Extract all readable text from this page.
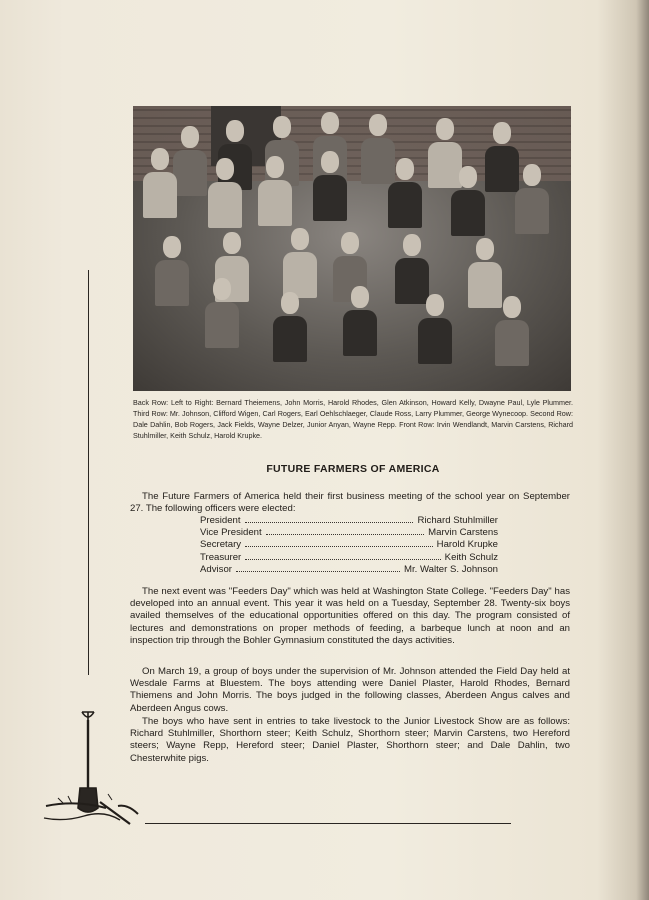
Back Row: Left to Right: Bernard Theiemens, John Morris, Harold Rhodes, Glen Atkinson, Howard Kelly, Dwayne Paul, Lyle Plummer. Third Row: Mr. Johnson, Clifford Wigen, Carl Rogers, Earl Oehlschlaeger, Claude Ross, Larry Plummer, George Wynecoop. Second Row: Dale Dahlin, Bob Rogers, Jack Fields, Wayne Delzer, Junior Anyan, Wayne Repp. Front Row: Irvin Wendlandt, Marvin Carstens, Richard Stuhlmiller, Keith Schulz, Harold Krupke.
FUTURE FARMERS OF AMERICA

The Future Farmers of America held their first business meeting of the school year on September 27. The following officers were elected:

President	Richard Stuhlmiller
Vice President	Marvin Carstens
Secretary	Harold Krupke
Treasurer	Keith Schulz
Advisor	Mr. Walter S. Johnson

The next event was "Feeders Day" which was held at Washington State College. "Feeders Day" has developed into an annual event. This year it was held on a Tuesday, September 28. Twenty-six boys availed themselves of the educational opportunities offered on this day. The program consisted of lectures and demonstrations on proper methods of feeding, a barbeque lunch at noon and an inspection trip through the Bohler Gymnasium constituted the days activities.

On March 19, a group of boys under the supervision of Mr. Johnson attended the Field Day held at Wesdale Farms at Bluestem. The boys attending were Daniel Plaster, Harold Rhodes, Bernard Thiemens and John Morris. The boys judged in the following classes, Aberdeen Angus calves and Aberdeen Angus cows.

The boys who have sent in entries to take livestock to the Junior Livestock Show are as follows: Richard Stuhlmiller, Shorthorn steer; Keith Schulz, Shorthorn steer; Marvin Carstens, two Hereford steers; Wayne Repp, Hereford steer; Daniel Plaster, Shorthorn steer; and Dale Dahlin, two Chesterwhite pigs.
